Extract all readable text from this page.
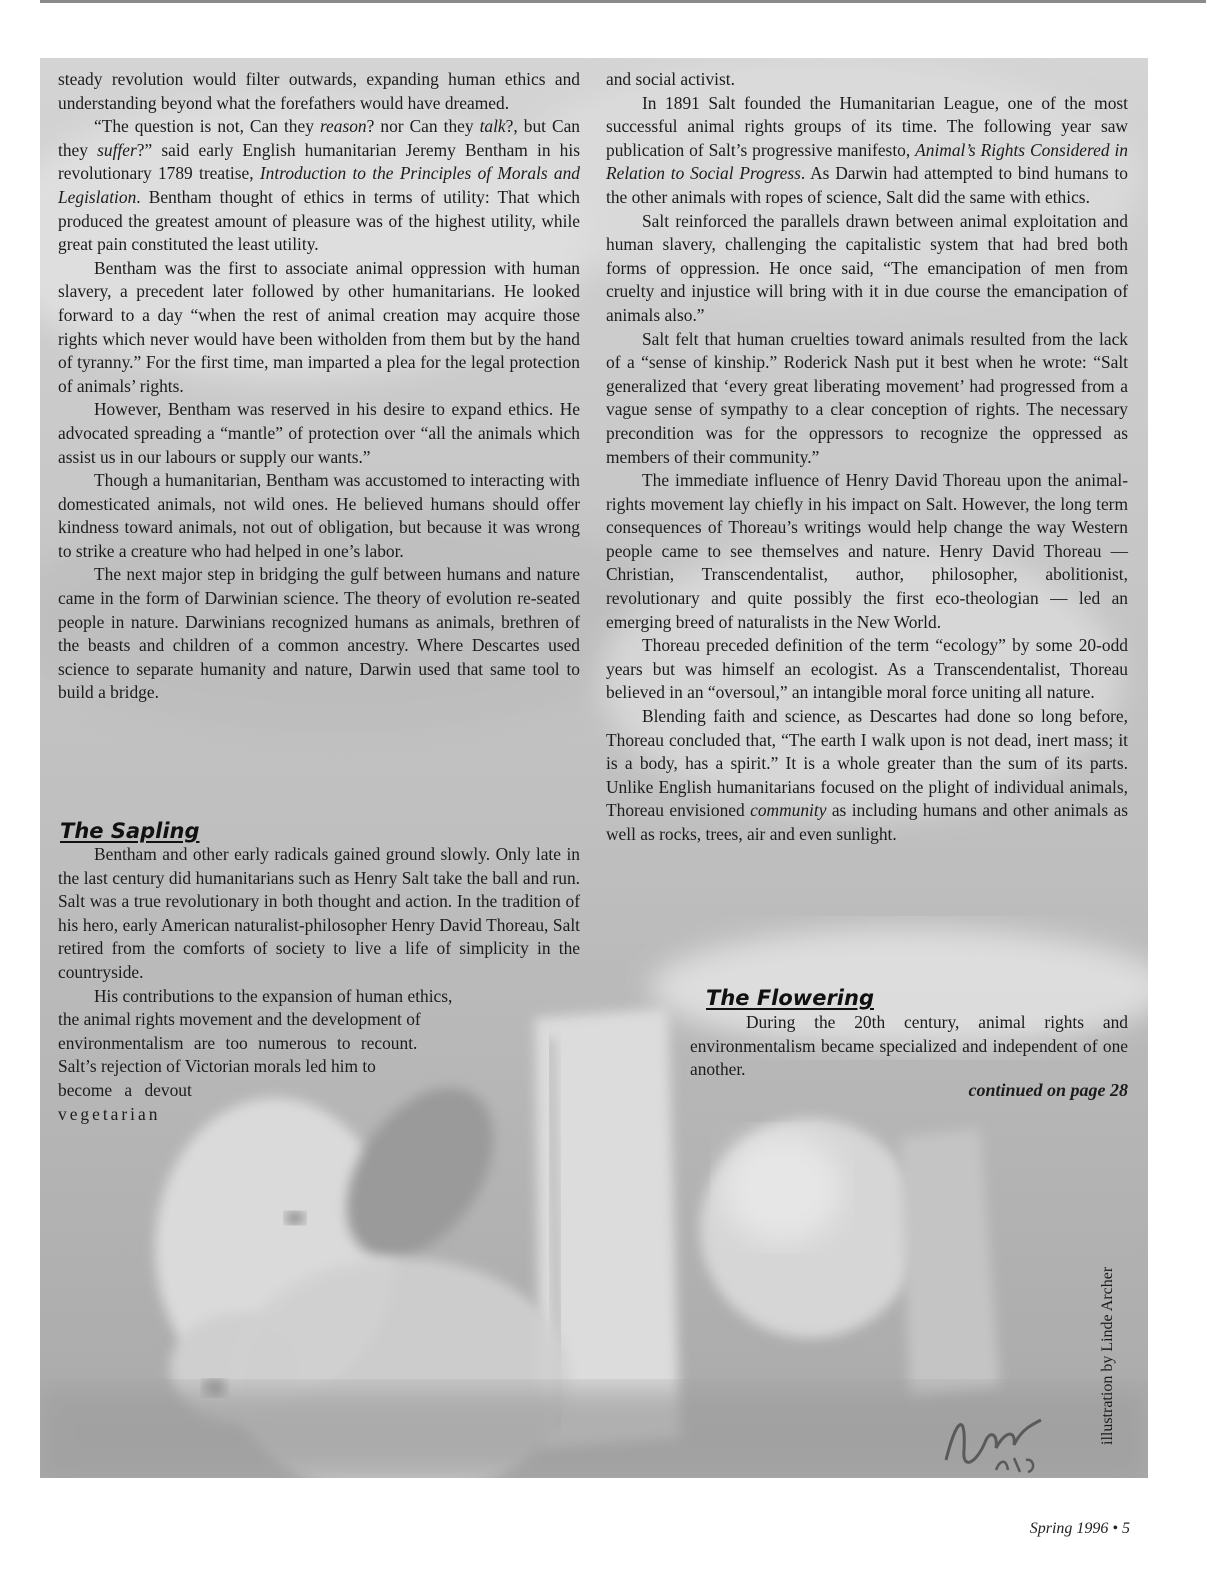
steady revolution would filter outwards, expanding human ethics and understanding beyond what the forefathers would have dreamed.

“The question is not, Can they reason? nor Can they talk?, but Can they suffer?” said early English humanitarian Jeremy Bentham in his revolutionary 1789 treatise, Introduction to the Principles of Morals and Legislation. Bentham thought of ethics in terms of utility: That which produced the greatest amount of pleasure was of the highest utility, while great pain constituted the least utility.

Bentham was the first to associate animal oppression with human slavery, a precedent later followed by other humanitarians. He looked forward to a day “when the rest of animal creation may acquire those rights which never would have been witholden from them but by the hand of tyranny.” For the first time, man imparted a plea for the legal protection of animals’ rights.

However, Bentham was reserved in his desire to expand ethics. He advocated spreading a “mantle” of protection over “all the animals which assist us in our labours or supply our wants.”

Though a humanitarian, Bentham was accustomed to interacting with domesticated animals, not wild ones. He believed humans should offer kindness toward animals, not out of obligation, but because it was wrong to strike a creature who had helped in one’s labor.

The next major step in bridging the gulf between humans and nature came in the form of Darwinian science. The theory of evolution re-seated people in nature. Darwinians recognized humans as animals, brethren of the beasts and children of a common ancestry. Where Descartes used science to separate humanity and nature, Darwin used that same tool to build a bridge.

The Sapling

Bentham and other early radicals gained ground slowly. Only late in the last century did humanitarians such as Henry Salt take the ball and run. Salt was a true revolutionary in both thought and action. In the tradition of his hero, early American naturalist-philosopher Henry David Thoreau, Salt retired from the comforts of society to live a life of simplicity in the countryside.

His contributions to the expansion of human ethics,
the animal rights movement and the development of
environmentalism are too numerous to recount.
Salt’s rejection of Victorian morals led him to
become a devout
vegetarian

and social activist.

In 1891 Salt founded the Humanitarian League, one of the most successful animal rights groups of its time. The following year saw publication of Salt’s progressive manifesto, Animal’s Rights Considered in Relation to Social Progress. As Darwin had attempted to bind humans to the other animals with ropes of science, Salt did the same with ethics.

Salt reinforced the parallels drawn between animal exploitation and human slavery, challenging the capitalistic system that had bred both forms of oppression. He once said, “The emancipation of men from cruelty and injustice will bring with it in due course the emancipation of animals also.”

Salt felt that human cruelties toward animals resulted from the lack of a “sense of kinship.” Roderick Nash put it best when he wrote: “Salt generalized that ‘every great liberating movement’ had progressed from a vague sense of sympathy to a clear conception of rights. The necessary precondition was for the oppressors to recognize the oppressed as members of their community.”

The immediate influence of Henry David Thoreau upon the animal-rights movement lay chiefly in his impact on Salt. However, the long term consequences of Thoreau’s writings would help change the way Western people came to see themselves and nature. Henry David Thoreau — Christian, Transcendentalist, author, philosopher, abolitionist, revolutionary and quite possibly the first eco-theologian — led an emerging breed of naturalists in the New World.

Thoreau preceded definition of the term “ecology” by some 20-odd years but was himself an ecologist. As a Transcendentalist, Thoreau believed in an “oversoul,” an intangible moral force uniting all nature.

Blending faith and science, as Descartes had done so long before, Thoreau concluded that, “The earth I walk upon is not dead, inert mass; it is a body, has a spirit.” It is a whole greater than the sum of its parts. Unlike English humanitarians focused on the plight of individual animals, Thoreau envisioned community as including humans and other animals as well as rocks, trees, air and even sunlight.

The Flowering

During the 20th century, animal rights and environmentalism became specialized and independent of one another.

continued on page 28
illustration by Linde Archer
Spring 1996 • 5
